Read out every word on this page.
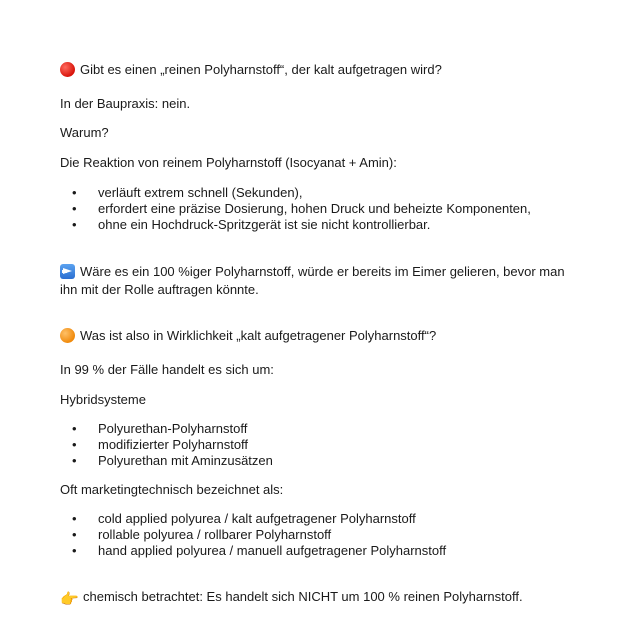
Gibt es einen „reinen Polyharnstoff“, der kalt aufgetragen wird?
In der Baupraxis: nein.
Warum?
Die Reaktion von reinem Polyharnstoff (Isocyanat + Amin):
• verläuft extrem schnell (Sekunden),
• erfordert eine präzise Dosierung, hohen Druck und beheizte Komponenten,
• ohne ein Hochdruck-Spritzgerät ist sie nicht kontrollierbar.
Wäre es ein 100 %iger Polyharnstoff, würde er bereits im Eimer gelieren, bevor man ihn mit der Rolle auftragen könnte.
Was ist also in Wirklichkeit „kalt aufgetragener Polyharnstoff“?
In 99 % der Fälle handelt es sich um:
Hybridsysteme
• Polyurethan-Polyharnstoff
• modifizierter Polyharnstoff
• Polyurethan mit Aminzusätzen
Oft marketingtechnisch bezeichnet als:
• cold applied polyurea / kalt aufgetragener Polyharnstoff
• rollable polyurea / rollbarer Polyharnstoff
• hand applied polyurea / manuell aufgetragener Polyharnstoff
👉 chemisch betrachtet: Es handelt sich NICHT um 100 % reinen Polyharnstoff.
